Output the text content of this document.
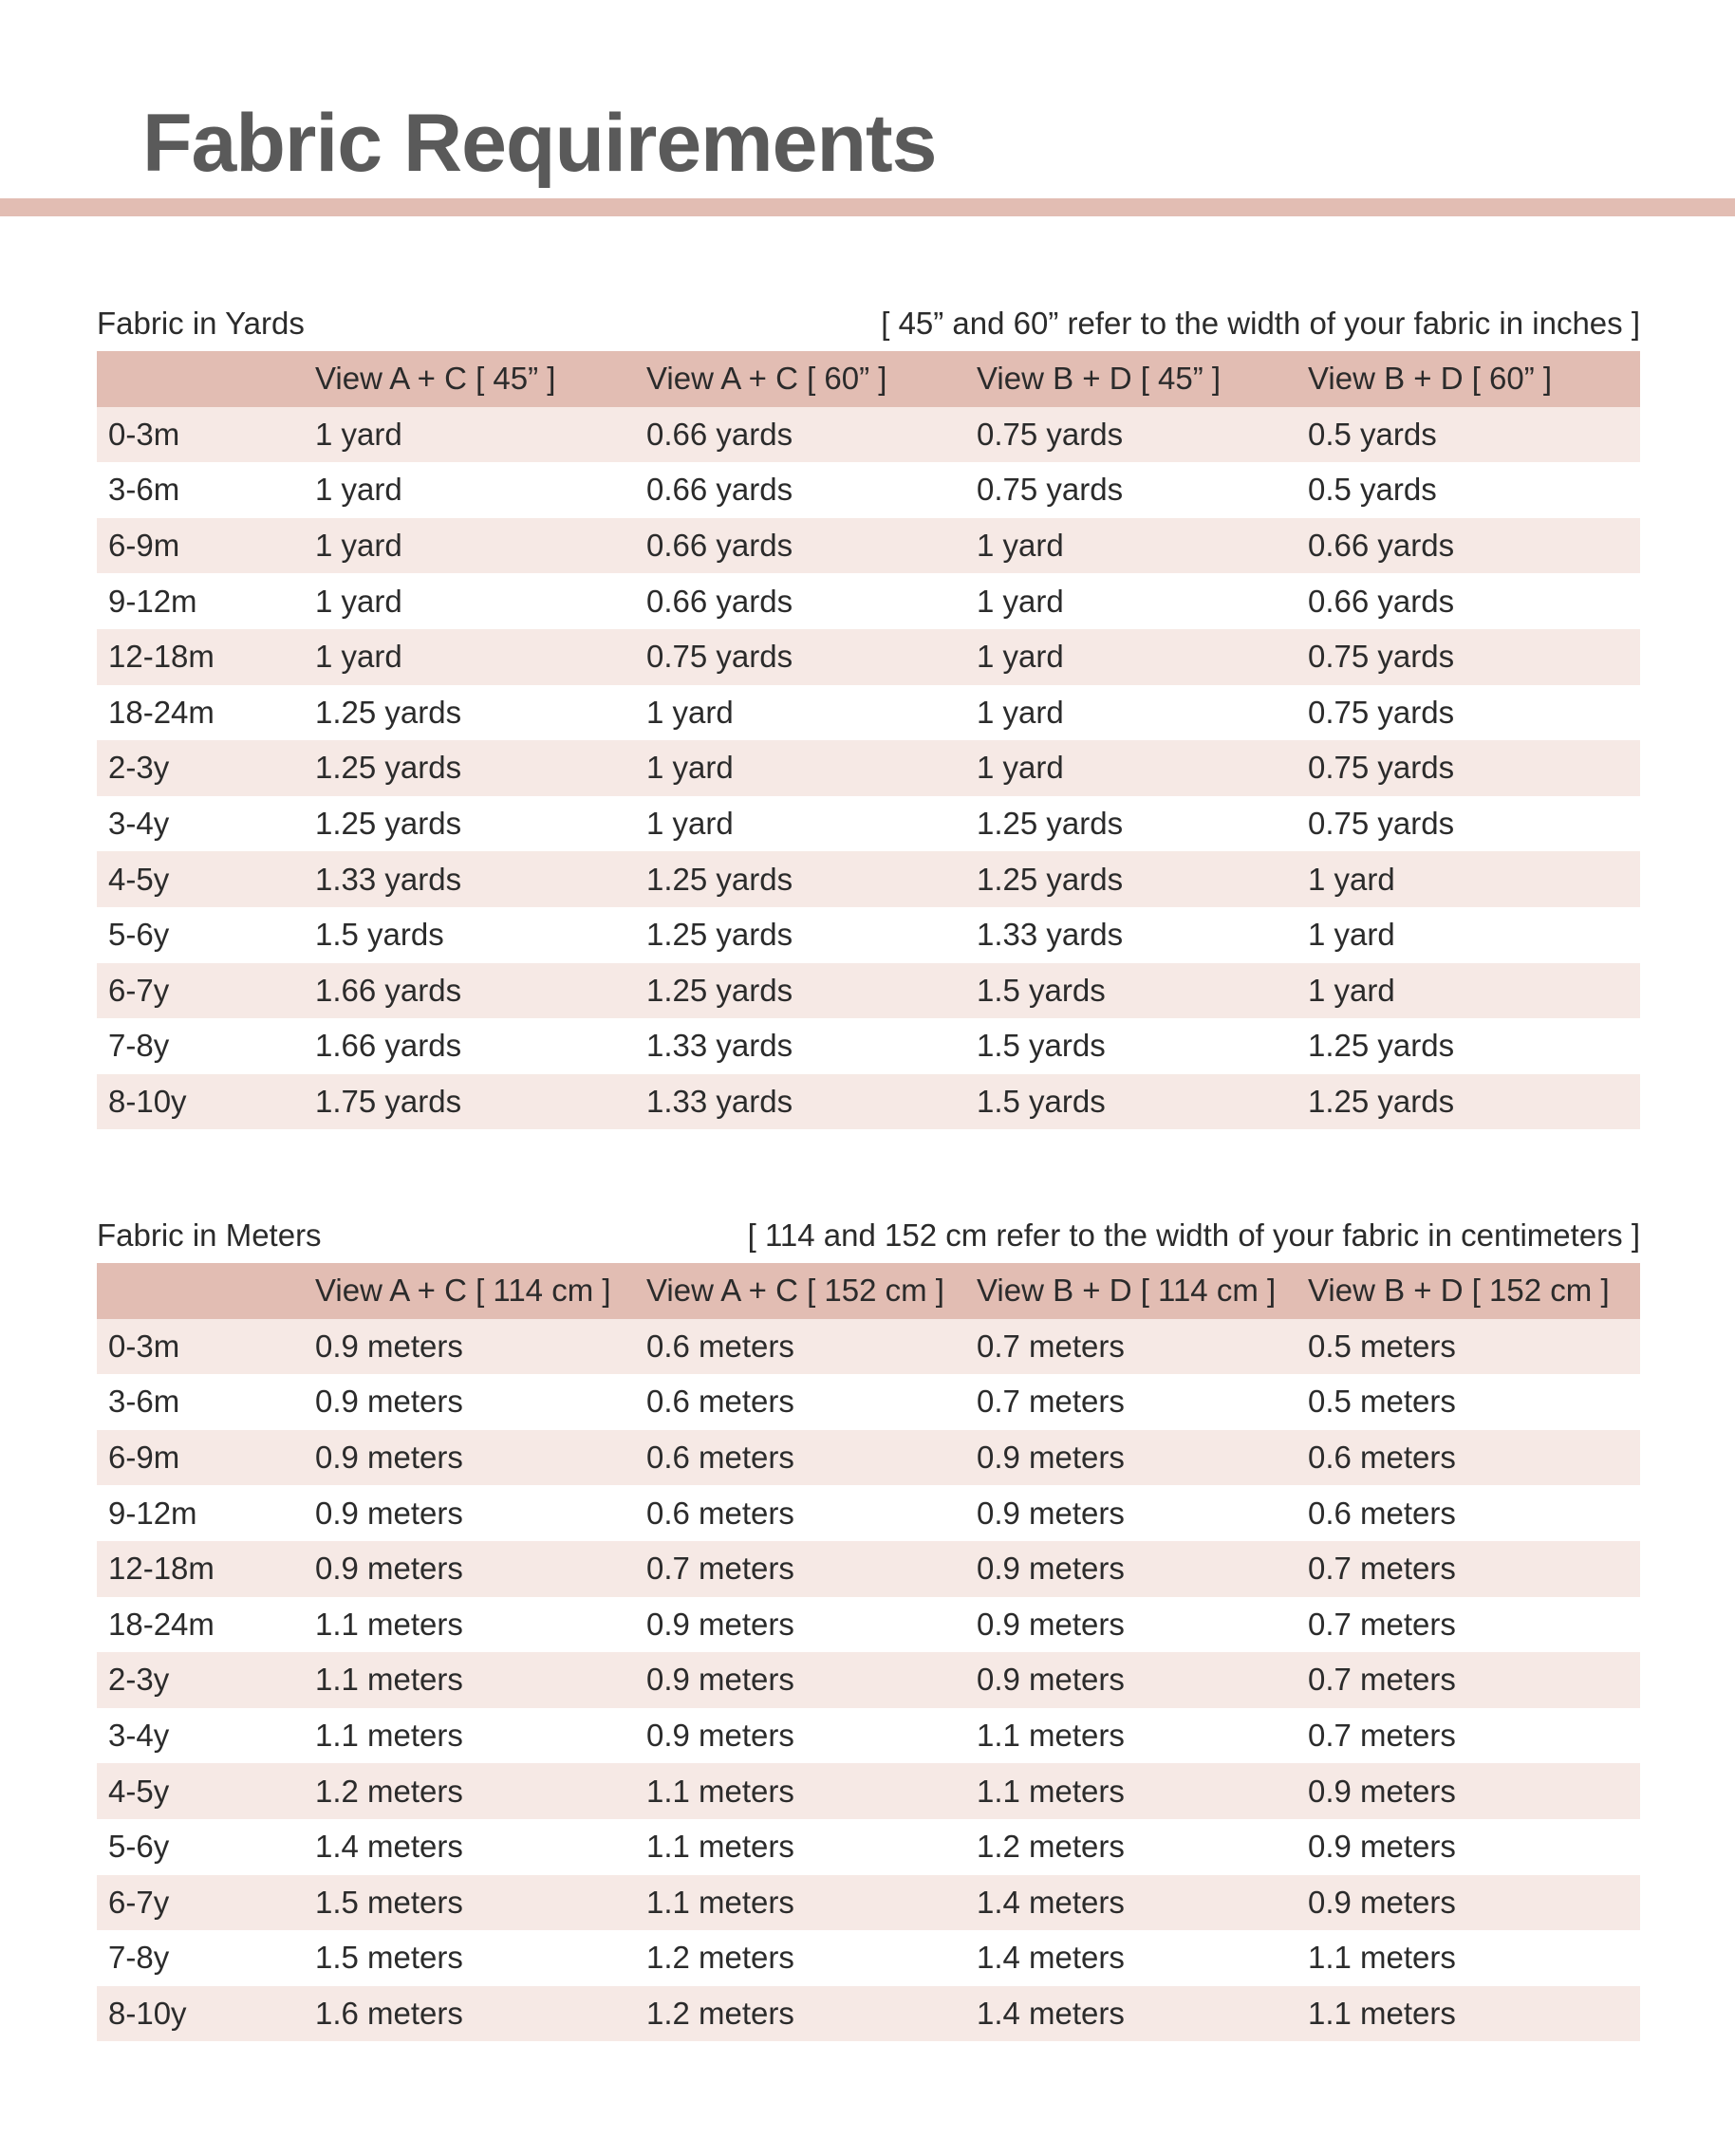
Fabric Requirements
Fabric in Yards	[ 45” and 60” refer to the width of your fabric in inches ]
	View A + C [ 45” ]	View A + C [ 60” ]	View B + D [ 45” ]	View B + D [ 60” ]
0-3m	1 yard	0.66 yards	0.75 yards	0.5 yards
3-6m	1 yard	0.66 yards	0.75 yards	0.5 yards
6-9m	1 yard	0.66 yards	1 yard	0.66 yards
9-12m	1 yard	0.66 yards	1 yard	0.66 yards
12-18m	1 yard	0.75 yards	1 yard	0.75 yards
18-24m	1.25 yards	1 yard	1 yard	0.75 yards
2-3y	1.25 yards	1 yard	1 yard	0.75 yards
3-4y	1.25 yards	1 yard	1.25 yards	0.75 yards
4-5y	1.33 yards	1.25 yards	1.25 yards	1 yard
5-6y	1.5 yards	1.25 yards	1.33 yards	1 yard
6-7y	1.66 yards	1.25 yards	1.5 yards	1 yard
7-8y	1.66 yards	1.33 yards	1.5 yards	1.25 yards
8-10y	1.75 yards	1.33 yards	1.5 yards	1.25 yards
Fabric in Meters	[ 114 and 152 cm refer to the width of your fabric in centimeters ]
	View A + C [ 114 cm ]	View A + C [ 152 cm ]	View B + D [ 114 cm ]	View B + D [ 152 cm ]
0-3m	0.9 meters	0.6 meters	0.7 meters	0.5 meters
3-6m	0.9 meters	0.6 meters	0.7 meters	0.5 meters
6-9m	0.9 meters	0.6 meters	0.9 meters	0.6 meters
9-12m	0.9 meters	0.6 meters	0.9 meters	0.6 meters
12-18m	0.9 meters	0.7 meters	0.9 meters	0.7 meters
18-24m	1.1 meters	0.9 meters	0.9 meters	0.7 meters
2-3y	1.1 meters	0.9 meters	0.9 meters	0.7 meters
3-4y	1.1 meters	0.9 meters	1.1 meters	0.7 meters
4-5y	1.2 meters	1.1 meters	1.1 meters	0.9 meters
5-6y	1.4 meters	1.1 meters	1.2 meters	0.9 meters
6-7y	1.5 meters	1.1 meters	1.4 meters	0.9 meters
7-8y	1.5 meters	1.2 meters	1.4 meters	1.1 meters
8-10y	1.6 meters	1.2 meters	1.4 meters	1.1 meters
